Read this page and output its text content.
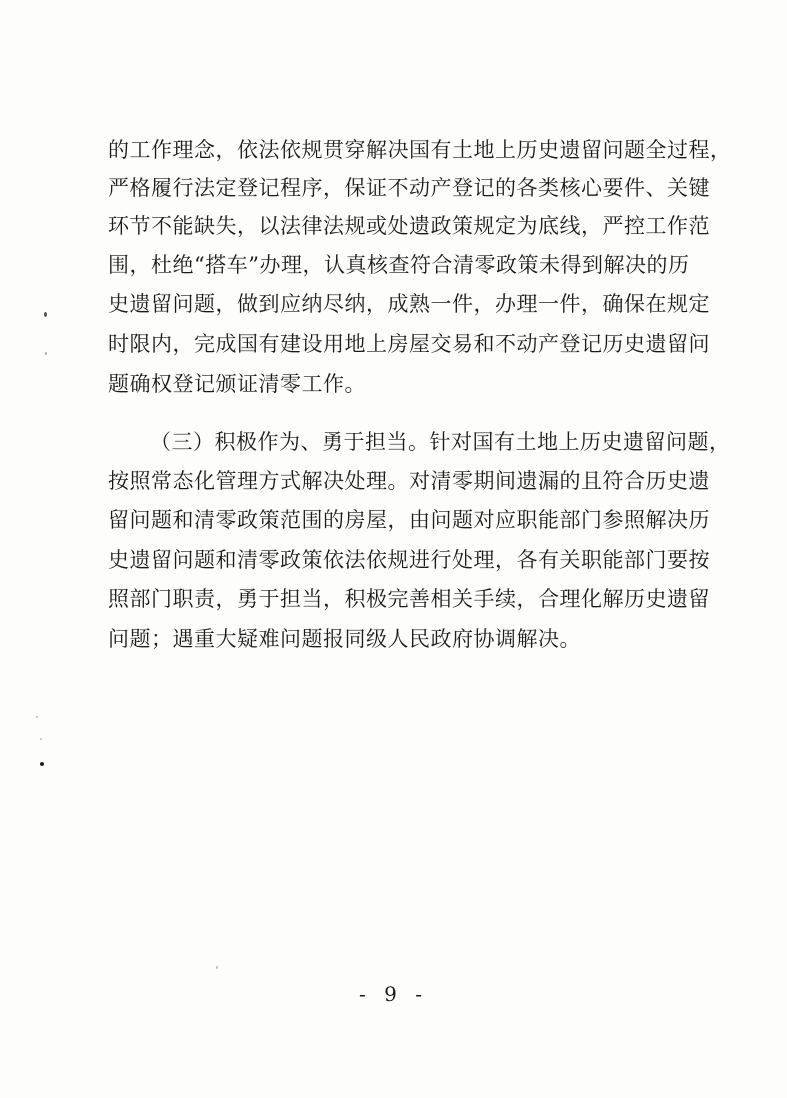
的工作理念，依法依规贯穿解决国有土地上历史遗留问题全过程，
严格履行法定登记程序，保证不动产登记的各类核心要件、关键
环节不能缺失，以法律法规或处遗政策规定为底线，严控工作范
围，杜绝“搭车”办理，认真核查符合清零政策未得到解决的历
史遗留问题，做到应纳尽纳，成熟一件，办理一件，确保在规定
时限内，完成国有建设用地上房屋交易和不动产登记历史遗留问
题确权登记颁证清零工作。
（三）积极作为、勇于担当。针对国有土地上历史遗留问题，
按照常态化管理方式解决处理。对清零期间遗漏的且符合历史遗
留问题和清零政策范围的房屋，由问题对应职能部门参照解决历
史遗留问题和清零政策依法依规进行处理，各有关职能部门要按
照部门职责，勇于担当，积极完善相关手续，合理化解历史遗留
问题；遇重大疑难问题报同级人民政府协调解决。
- 9 -
